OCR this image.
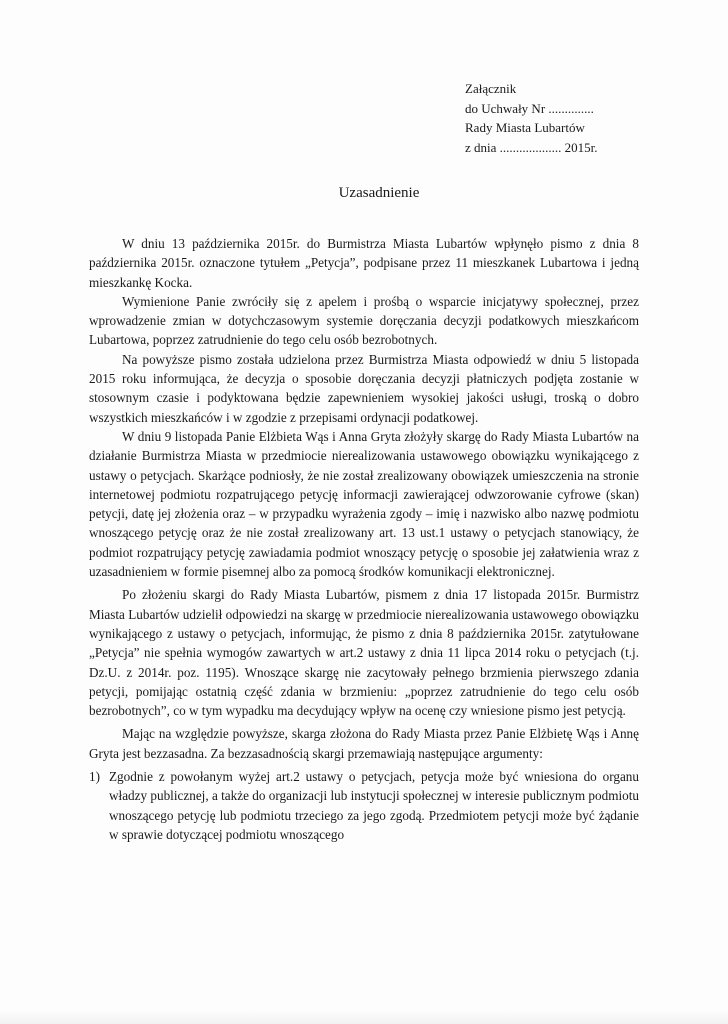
Załącznik
do Uchwały Nr ..............
Rady Miasta Lubartów
z dnia ................... 2015r.
Uzasadnienie

W dniu 13 października 2015r. do Burmistrza Miasta Lubartów wpłynęło pismo z dnia 8 października 2015r. oznaczone tytułem „Petycja”, podpisane przez 11 mieszkanek Lubartowa i jedną mieszkankę Kocka.

Wymienione Panie zwróciły się z apelem i prośbą o wsparcie inicjatywy społecznej, przez wprowadzenie zmian w dotychczasowym systemie doręczania decyzji podatkowych mieszkańcom Lubartowa, poprzez zatrudnienie do tego celu osób bezrobotnych.

Na powyższe pismo została udzielona przez Burmistrza Miasta odpowiedź w dniu 5 listopada 2015 roku informująca, że decyzja o sposobie doręczania decyzji płatniczych podjęta zostanie w stosownym czasie i podyktowana będzie zapewnieniem wysokiej jakości usługi, troską o dobro wszystkich mieszkańców i w zgodzie z przepisami ordynacji podatkowej.

W dniu 9 listopada Panie Elżbieta Wąs i Anna Gryta złożyły skargę do Rady Miasta Lubartów na działanie Burmistrza Miasta w przedmiocie nierealizowania ustawowego obowiązku wynikającego z ustawy o petycjach. Skarżące podniosły, że nie został zrealizowany obowiązek umieszczenia na stronie internetowej podmiotu rozpatrującego petycję informacji zawierającej odwzorowanie cyfrowe (skan) petycji, datę jej złożenia oraz – w przypadku wyrażenia zgody – imię i nazwisko albo nazwę podmiotu wnoszącego petycję oraz że nie został zrealizowany art. 13 ust.1 ustawy o petycjach stanowiący, że podmiot rozpatrujący petycję zawiadamia podmiot wnoszący petycję o sposobie jej załatwienia wraz z uzasadnieniem w formie pisemnej albo za pomocą środków komunikacji elektronicznej.

Po złożeniu skargi do Rady Miasta Lubartów, pismem z dnia 17 listopada 2015r. Burmistrz Miasta Lubartów udzielił odpowiedzi na skargę w przedmiocie nierealizowania ustawowego obowiązku wynikającego z ustawy o petycjach, informując, że pismo z dnia 8 października 2015r. zatytułowane „Petycja” nie spełnia wymogów zawartych w art.2 ustawy z dnia 11 lipca 2014 roku o petycjach (t.j. Dz.U. z 2014r. poz. 1195). Wnoszące skargę nie zacytowały pełnego brzmienia pierwszego zdania petycji, pomijając ostatnią część zdania w brzmieniu: „poprzez zatrudnienie do tego celu osób bezrobotnych”, co w tym wypadku ma decydujący wpływ na ocenę czy wniesione pismo jest petycją.

Mając na względzie powyższe, skarga złożona do Rady Miasta przez Panie Elżbietę Wąs i Annę Gryta jest bezzasadna. Za bezzasadnością skargi przemawiają następujące argumenty:

1) Zgodnie z powołanym wyżej art.2 ustawy o petycjach, petycja może być wniesiona do organu władzy publicznej, a także do organizacji lub instytucji społecznej w interesie publicznym podmiotu wnoszącego petycję lub podmiotu trzeciego za jego zgodą. Przedmiotem petycji może być żądanie w sprawie dotyczącej podmiotu wnoszącego
